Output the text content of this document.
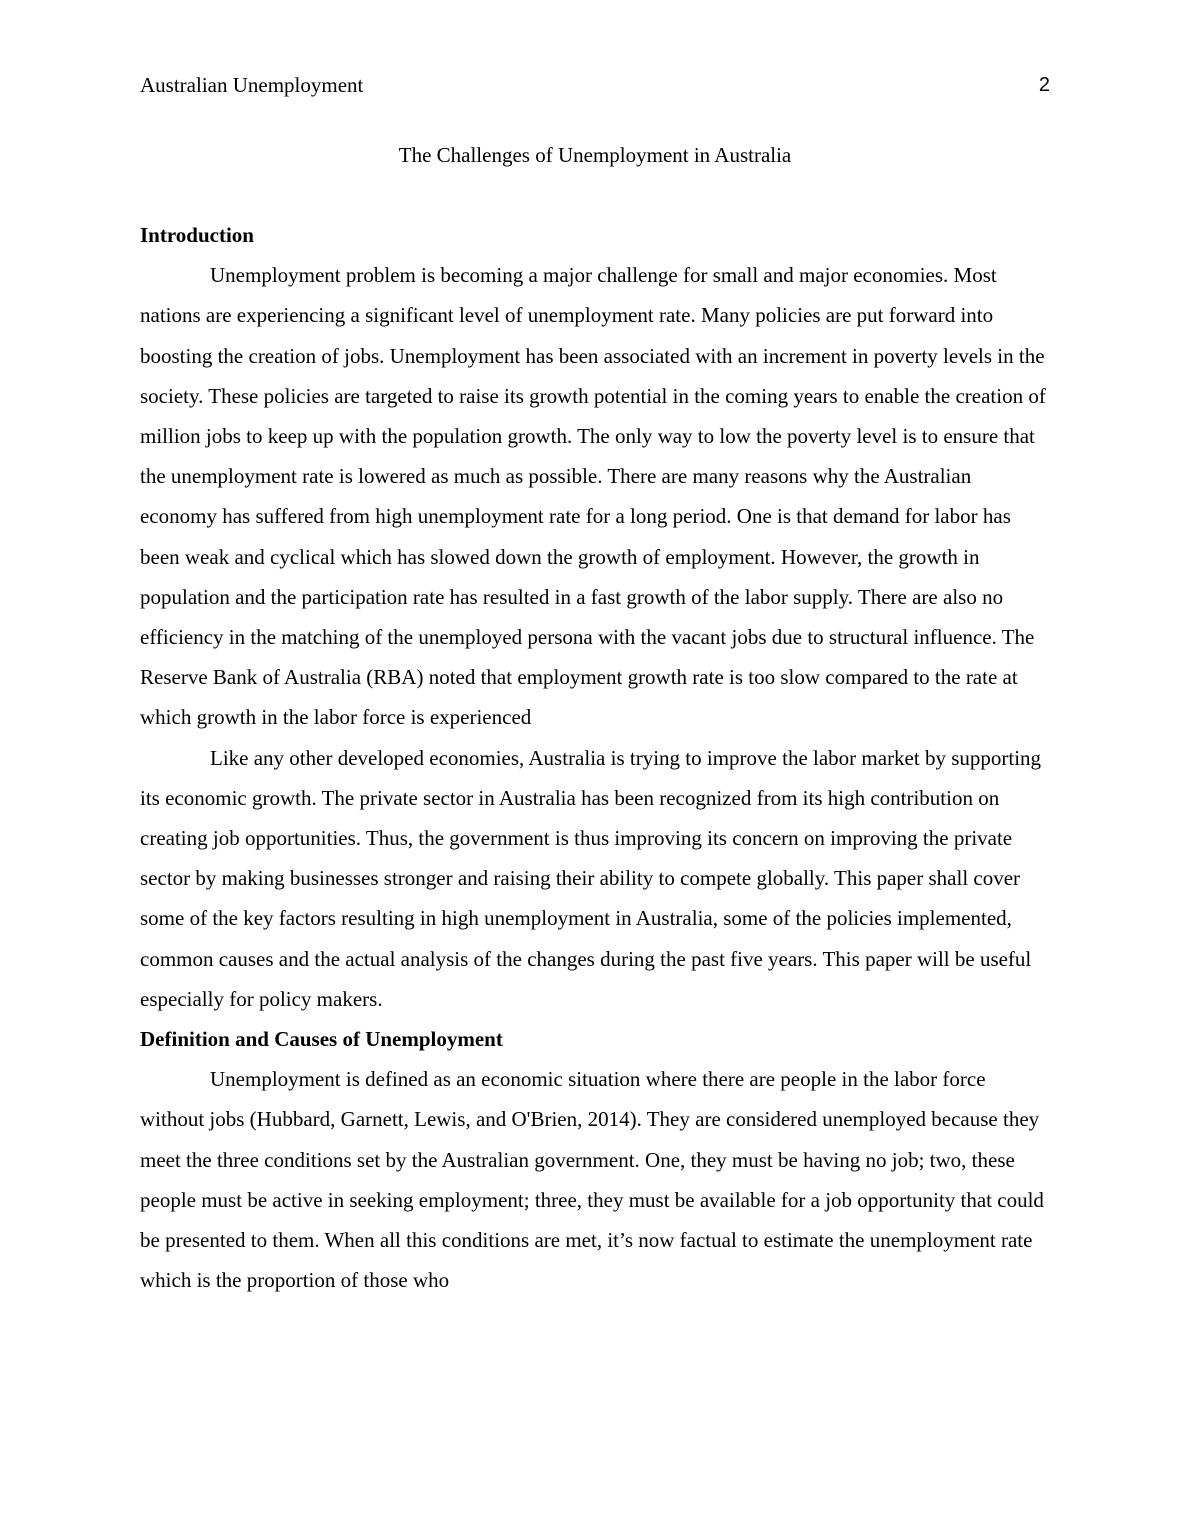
Australian Unemployment	2
The Challenges of Unemployment in Australia

Introduction

Unemployment problem is becoming a major challenge for small and major economies. Most nations are experiencing a significant level of unemployment rate. Many policies are put forward into boosting the creation of jobs. Unemployment has been associated with an increment in poverty levels in the society. These policies are targeted to raise its growth potential in the coming years to enable the creation of million jobs to keep up with the population growth. The only way to low the poverty level is to ensure that the unemployment rate is lowered as much as possible. There are many reasons why the Australian economy has suffered from high unemployment rate for a long period. One is that demand for labor has been weak and cyclical which has slowed down the growth of employment. However, the growth in population and the participation rate has resulted in a fast growth of the labor supply. There are also no efficiency in the matching of the unemployed persona with the vacant jobs due to structural influence. The Reserve Bank of Australia (RBA) noted that employment growth rate is too slow compared to the rate at which growth in the labor force is experienced

Like any other developed economies, Australia is trying to improve the labor market by supporting its economic growth. The private sector in Australia has been recognized from its high contribution on creating job opportunities. Thus, the government is thus improving its concern on improving the private sector by making businesses stronger and raising their ability to compete globally. This paper shall cover some of the key factors resulting in high unemployment in Australia, some of the policies implemented, common causes and the actual analysis of the changes during the past five years. This paper will be useful especially for policy makers.

Definition and Causes of Unemployment

Unemployment is defined as an economic situation where there are people in the labor force without jobs (Hubbard, Garnett, Lewis, and O'Brien, 2014). They are considered unemployed because they meet the three conditions set by the Australian government. One, they must be having no job; two, these people must be active in seeking employment; three, they must be available for a job opportunity that could be presented to them. When all this conditions are met, it’s now factual to estimate the unemployment rate which is the proportion of those who
